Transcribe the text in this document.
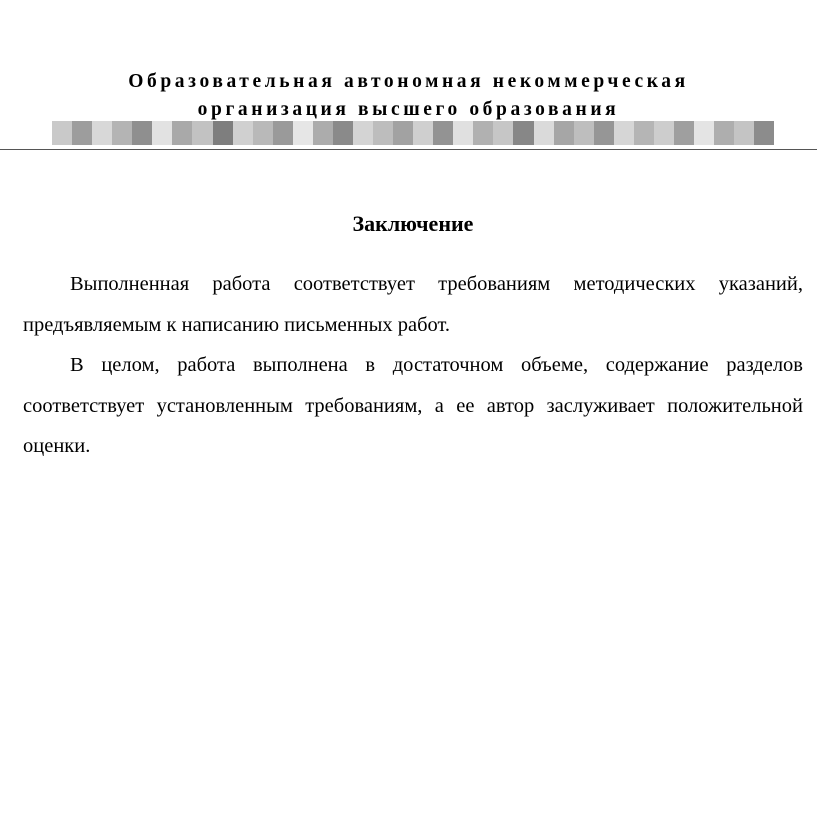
Образовательная автономная некоммерческая
организация высшего образования
Заключение

Выполненная работа соответствует требованиям методических указаний, предъявляемым к написанию письменных работ.

В целом, работа выполнена в достаточном объеме, содержание разделов соответствует установленным требованиям, а ее автор заслуживает положительной оценки.
